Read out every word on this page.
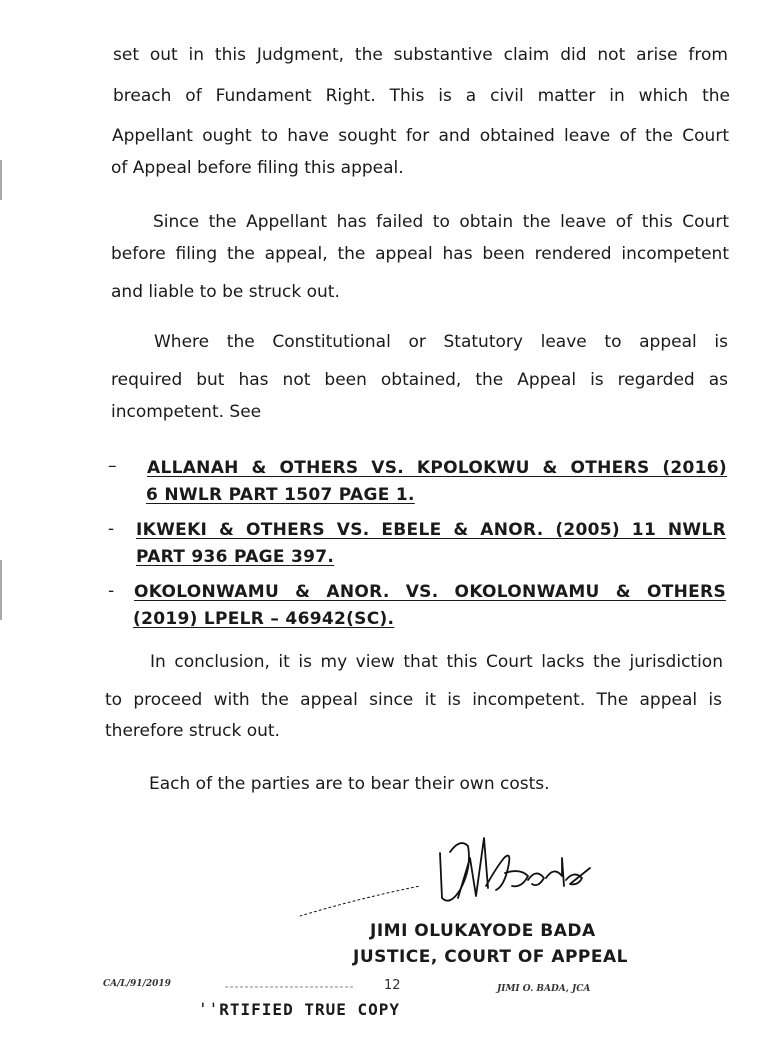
set out in this Judgment, the substantive claim did not arise from
breach of Fundament Right. This is a civil matter in which the
Appellant ought to have sought for and obtained leave of the Court
of Appeal before filing this appeal.
Since the Appellant has failed to obtain the leave of this Court
before filing the appeal, the appeal has been rendered incompetent
and liable to be struck out.
Where the Constitutional or Statutory leave to appeal is
required but has not been obtained, the Appeal is regarded as
incompetent. See
– ALLANAH & OTHERS VS. KPOLOKWU & OTHERS (2016)
6 NWLR PART 1507 PAGE 1.
- IKWEKI & OTHERS VS. EBELE & ANOR. (2005) 11 NWLR
PART 936 PAGE 397.
- OKOLONWAMU & ANOR. VS. OKOLONWAMU & OTHERS
(2019) LPELR – 46942(SC).
In conclusion, it is my view that this Court lacks the jurisdiction
to proceed with the appeal since it is incompetent. The appeal is
therefore struck out.
Each of the parties are to bear their own costs.
JIMI OLUKAYODE BADA
JUSTICE, COURT OF APPEAL
CA/L/91/2019	12	JIMI O. BADA, JCA
ˈˈRTIFIED TRUE COPY
